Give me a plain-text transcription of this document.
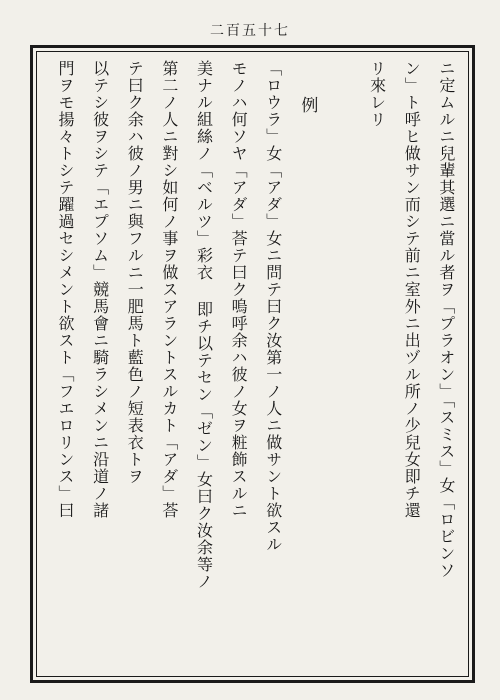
二百五十七
ニ定ムルニ兒輩其選ニ當ル者ヲ「プラオン」「スミス」女「ロビンソ
ン」ト呼ヒ做サン而シテ前ニ室外ニ出ヅル所ノ少兒女即チ還
リ來レリ
例
「ロウラ」女「アダ」女ニ問テ曰ク汝第一ノ人ニ做サント欲スル
モノハ何ソヤ「アダ」荅テ曰ク嗚呼余ハ彼ノ女ヲ粧飾スルニ
美ナル組絲ノ「ベルツ」彩衣 即チ以テセン「ゼン」女曰ク汝余等ノ
第二ノ人ニ對シ如何ノ事ヲ做スアラントスルカト「アダ」荅
テ曰ク余ハ彼ノ男ニ與フルニ一肥馬ト藍色ノ短表衣トヲ
以テシ彼ヲシテ「エプソム」競馬會ニ騎ラシメンニ沿道ノ諸
門ヲモ揚々トシテ躍過セシメント欲スト「フエロリンス」曰
